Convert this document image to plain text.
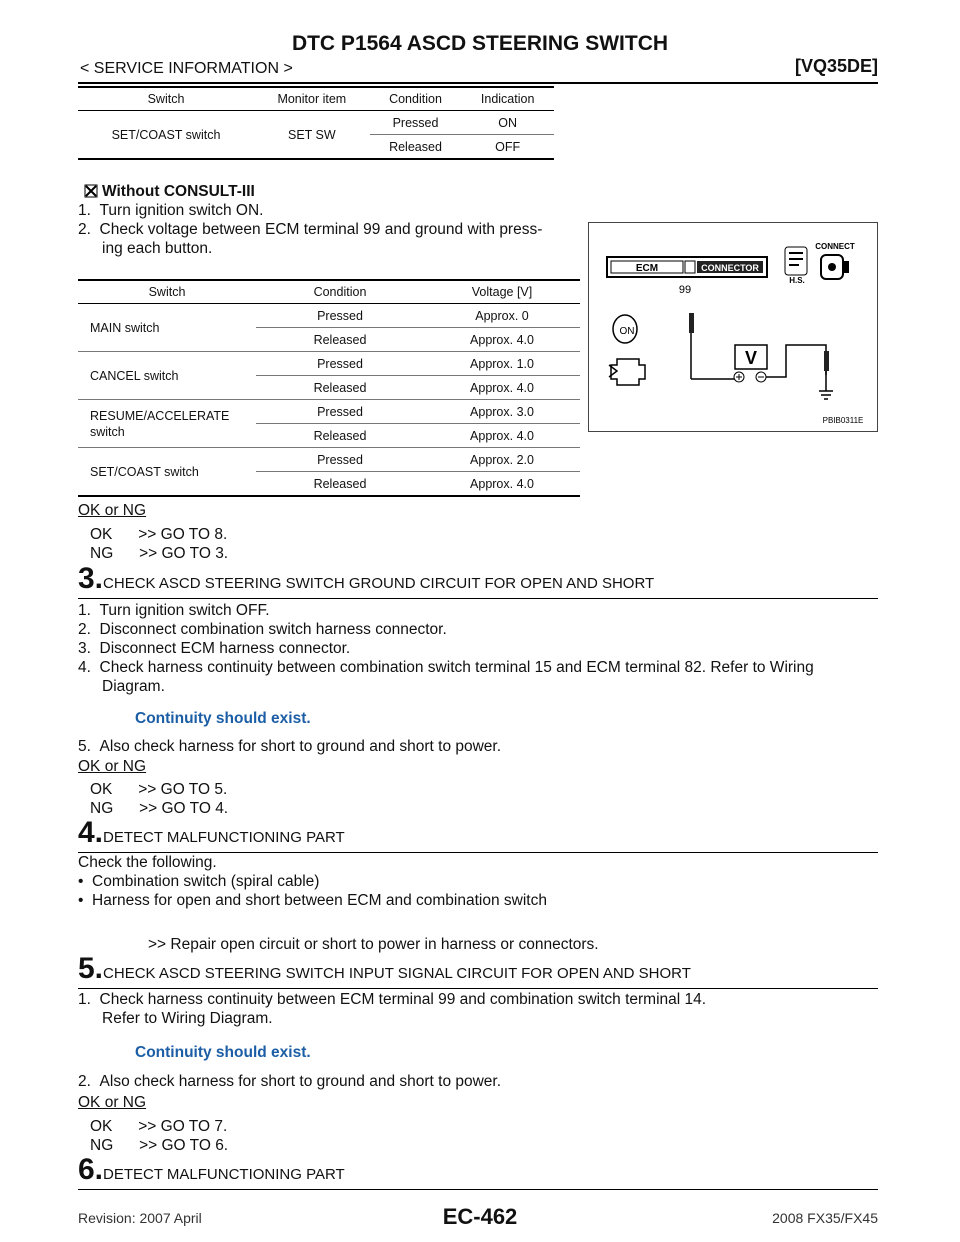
DTC P1564 ASCD STEERING SWITCH
< SERVICE INFORMATION >	[VQ35DE]
Switch	Monitor item	Condition	Indication
SET/COAST switch	SET SW	Pressed	ON
		Released	OFF
Without CONSULT-III
1.  Turn ignition switch ON.
2.  Check voltage between ECM terminal 99 and ground with press-
ing each button.
Switch	Condition	Voltage [V]
MAIN switch	Pressed	Approx. 0
	Released	Approx. 4.0
CANCEL switch	Pressed	Approx. 1.0
	Released	Approx. 4.0
RESUME/ACCELERATE switch	Pressed	Approx. 3.0
	Released	Approx. 4.0
SET/COAST switch	Pressed	Approx. 2.0
	Released	Approx. 4.0
ECM	CONNECTOR
H.S.
CONNECT
99
V
ON
PBIB0311E
OK or NG
OK      >> GO TO 8.
NG      >> GO TO 3.
3.CHECK ASCD STEERING SWITCH GROUND CIRCUIT FOR OPEN AND SHORT
1.  Turn ignition switch OFF.
2.  Disconnect combination switch harness connector.
3.  Disconnect ECM harness connector.
4.  Check harness continuity between combination switch terminal 15 and ECM terminal 82. Refer to Wiring
Diagram.
Continuity should exist.
5.  Also check harness for short to ground and short to power.
OK or NG
OK      >> GO TO 5.
NG      >> GO TO 4.
4.DETECT MALFUNCTIONING PART
Check the following.
•  Combination switch (spiral cable)
•  Harness for open and short between ECM and combination switch
>> Repair open circuit or short to power in harness or connectors.
5.CHECK ASCD STEERING SWITCH INPUT SIGNAL CIRCUIT FOR OPEN AND SHORT
1.  Check harness continuity between ECM terminal 99 and combination switch terminal 14.
Refer to Wiring Diagram.
Continuity should exist.
2.  Also check harness for short to ground and short to power.
OK or NG
OK      >> GO TO 7.
NG      >> GO TO 6.
6.DETECT MALFUNCTIONING PART
Revision: 2007 April	EC-462	2008 FX35/FX45
